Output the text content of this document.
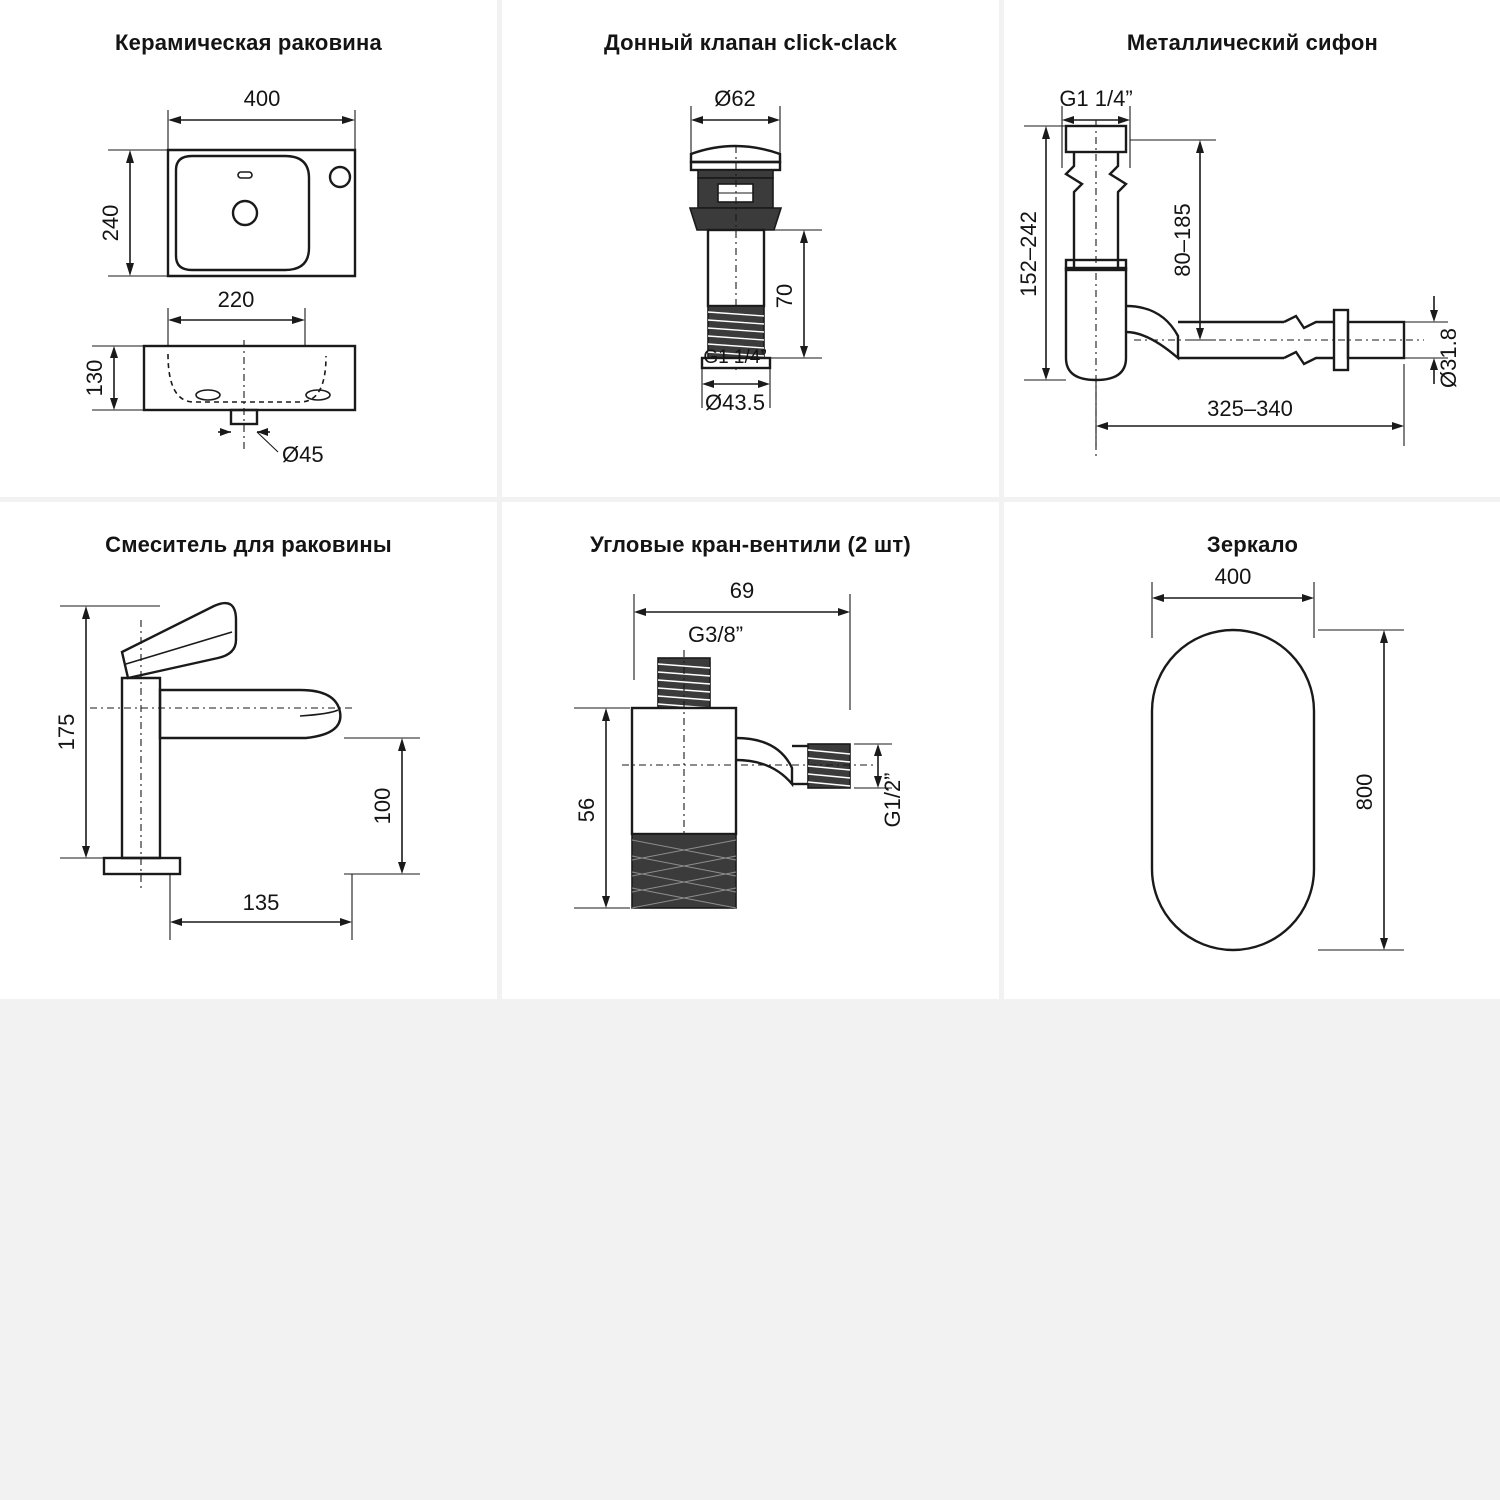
Керамическая раковина
400
240
220
130
Ø45
Донный клапан click-clack
Ø62
70
G1 1/4”
Ø43.5
Металлический сифон
G1 1/4”
80–185
152–242
Ø31.8
325–340
Смеситель для раковины
175
100
135
Угловые кран-вентили (2 шт)
69
G3/8”
G1/2”
56
Зеркало
400
800
